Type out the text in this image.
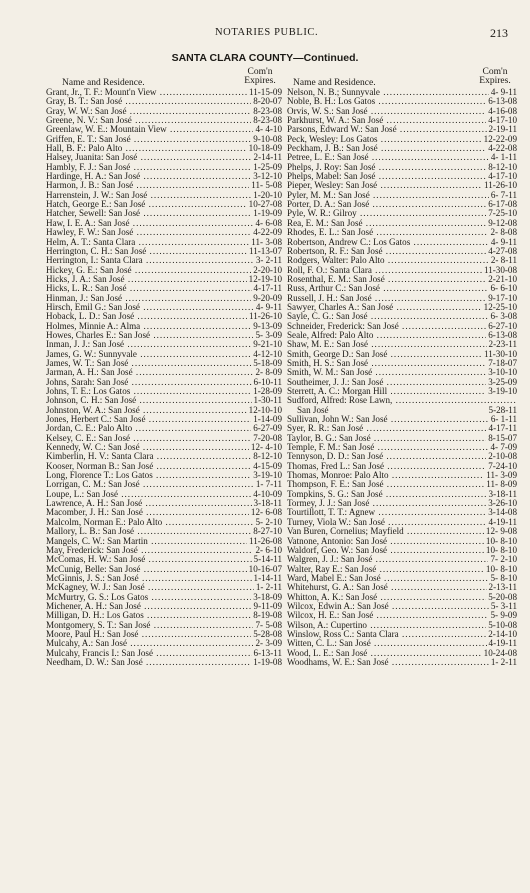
NOTARIES PUBLIC.	213
SANTA CLARA COUNTY—Continued.
Com'n
Expires.
Name and Residence.
Grant, Jr., T. F.: Mount'n View .....	11-15-09
Gray, B. T.: San José .....	8-20-07
Gray, W. W.: San José .....	8-23-08
Greene, N. V.: San José .....	8-23-08
Greenlaw, W. E.: Mountain View .....	4- 4-10
Griffen, E. T.: San José .....	9-10-08
Hall, B. F.: Palo Alto .....	10-18-09
Halsey, Juanita: San José .....	2-14-11
Hambly, F. J.: San José .....	1-25-09
Hardinge, H. A.: San José .....	3-12-10
Harmon, J. B.: San José .....	11- 5-08
Harrenstein, J. W.: San José .....	1-20-10
Hatch, George E.: San José .....	10-27-08
Hatcher, Sewell: San José .....	1-19-09
Haw, I. E. A.: San José .....	4- 6-08
Hawley, F. W.: San José .....	4-22-09
Helm, A. T.: Santa Clara .....	11- 3-08
Herrington, C. H.: San José .....	11-13-07
Herrington, I.: Santa Clara .....	3- 2-11
Hickey, G. E.: San José .....	2-20-10
Hicks, J. A.: San José .....	12-19-10
Hicks, L. R.: San José .....	4-17-11
Hinman, J.: San José .....	9-20-09
Hirsch, Emil G.: San José .....	4- 9-11
Hoback, L. D.: San José .....	11-26-10
Holmes, Minnie A.: Alma .....	9-13-09
Howes, Charles E.: San José .....	5- 3-09
Inman, J. J.: San José .....	9-21-10
James, G. W.: Sunnyvale .....	4-12-10
James, W. T.: San José .....	5-18-09
Jarman, A. H.: San José .....	2- 8-09
Johns, Sarah: San José .....	6-10-11
Johns, T. E.: Los Gatos .....	1-28-09
Johnson, C. H.: San José .....	1-30-11
Johnston, W. A.: San José .....	12-10-10
Jones, Herbert C.: San José .....	1-14-09
Jordan, C. E.: Palo Alto .....	6-27-09
Kelsey, C. E.: San José .....	7-20-08
Kennedy, W. C.: San José .....	12- 4-10
Kimberlin, H. V.: Santa Clara .....	8-12-10
Kooser, Norman B.: San José .....	4-15-09
Long, Florence T.: Los Gatos .....	3-19-10
Lorrigan, C. M.: San José .....	1- 7-11
Loupe, L.: San José .....	4-10-09
Lawrence, A. H.: San José .....	3-18-11
Macomber, J. H.: San José .....	12- 6-08
Malcolm, Norman E.: Palo Alto .....	5- 2-10
Mallory, L. B.: San José .....	8-27-10
Mangels, C. W.: San Martin .....	11-26-08
May, Frederick: San José .....	2- 6-10
McComas, H. W.: San José .....	5-14-11
McCunig, Belle: San José .....	10-16-07
McGinnis, J. S.: San José .....	1-14-11
McKagney, W. J.: San José .....	1- 2-11
McMurtry, G. S.: Los Gatos .....	3-18-09
Michener, A. H.: San José .....	9-11-09
Milligan, D. H.: Los Gatos .....	8-19-08
Montgomery, S. T.: San José .....	7- 5-08
Moore, Paul H.: San José .....	5-28-08
Mulcahy, A.: San José .....	2- 3-09
Mulcahy, Francis I.: San José .....	6-13-11
Needham, D. W.: San José .....	1-19-08
Com'n
Expires.
Name and Residence.
Nelson, N. B.; Sunnyvale .....	4- 9-11
Noble, B. H.: Los Gatos .....	6-13-08
Orvis, W. S.: San José .....	4-16-08
Parkhurst, W. A.: San José .....	4-17-10
Parsons, Edward W.: San José .....	2-19-11
Peck, Wesley: Los Gatos .....	12-22-09
Peckham, J. B.: San José .....	4-22-08
Petree, L. E.: San José .....	4- 1-11
Phelps, J. Roy: San José .....	8-12-10
Phelps, Mabel: San José .....	4-17-10
Pieper, Wesley: San José .....	11-26-10
Pyler, M. M.: San José .....	6- 7-11
Porter, D. A.: San José .....	6-17-08
Pyle, W. R.: Gilroy .....	7-25-10
Rea, E. M.: San José .....	9-12-08
Rhodes, E. L.: San José .....	2- 8-08
Robertson, Andrew C.: Los Gatos .....	4- 9-11
Robertson, R. F.: San José .....	4-27-08
Rodgers, Walter: Palo Alto .....	2- 8-11
Roll, F. O.: Santa Clara .....	11-30-08
Rosenthal, E. M.: San José .....	2-21-10
Russ, Arthur C.: San José .....	6- 6-10
Russell, J. H.: San José .....	9-17-10
Sawyer, Charles A.: San José .....	12-25-10
Sayle, C. G.: San José .....	6- 3-08
Schneider, Frederick: San José .....	6-27-10
Seale, Alfred: Palo Alto .....	6-13-08
Shaw, M. E.: San José .....	2-23-11
Smith, George D.: San José .....	11-30-10
Smith, H. S.: San José .....	7-18-07
Smith, W. M.: San José .....	3-10-10
Southeimer, J. J.: San José .....	3-25-09
Sterrett, A. C.: Morgan Hill .....	3-19-10
Sudford, Alfred: Rose Lawn, .....
San José	5-28-11
Sullivan, John W.: San José .....	6- 1-11
Syer, R. R.: San José .....	4-17-11
Taylor, B. G.: San José .....	8-15-07
Temple, F. M.: San José .....	4- 7-09
Tennyson, D. D.: San José .....	2-10-08
Thomas, Fred L.: San José .....	7-24-10
Thomas, Monroe: Palo Alto .....	11- 3-09
Thompson, F. E.: San José .....	11- 8-09
Tompkins, S. G.: San José .....	3-18-11
Tormey, J. J.: San José .....	3-26-10
Tourtillott, T. T.: Agnew .....	3-14-08
Turney, Viola W.: San José .....	4-19-11
Van Buren, Cornelius; Mayfield .....	12- 9-08
Vatnone, Antonio: San José .....	10- 8-10
Waldorf, Geo. W.: San José .....	10- 8-10
Walgren, J. J.: San José .....	7- 2-10
Walter, Ray E.: San José .....	10- 8-10
Ward, Mabel E.: San José .....	5- 8-10
Whitehurst, G. A.: San José .....	2-13-11
Whitton, A. K.: San José .....	5-20-08
Wilcox, Edwin A.: San José .....	5- 3-11
Wilcox, H. E.: San José .....	5- 9-09
Wilson, A.: Cupertino .....	5-10-08
Winslow, Ross C.: Santa Clara .....	2-14-10
Witten, C. L.: San José .....	4-19-11
Wood, L. E.: San José .....	10-24-08
Woodhams, W. E.: San José .....	1- 2-11
